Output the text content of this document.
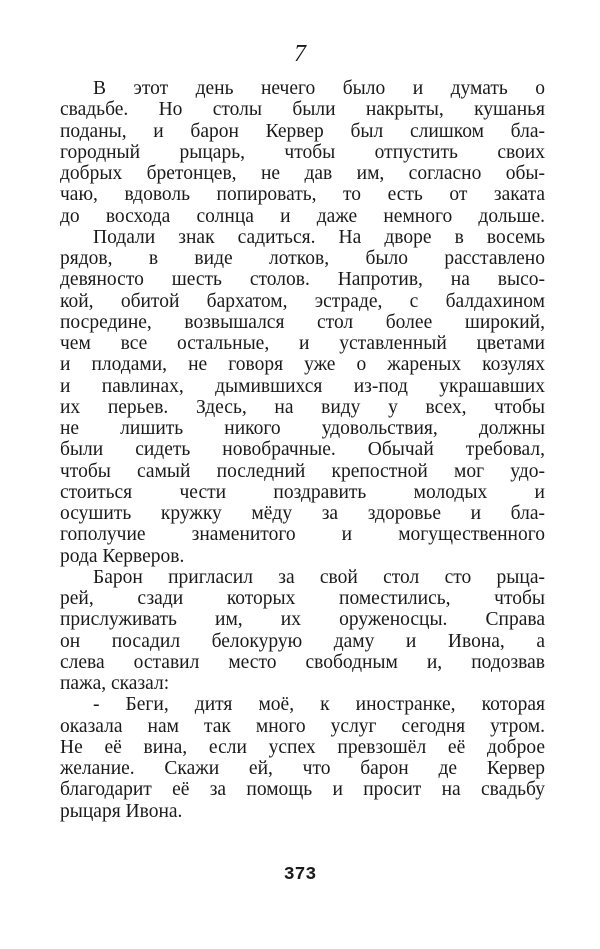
7
В этот день нечего было и думать о
свадьбе. Но столы были накрыты, кушанья
поданы, и барон Кервер был слишком бла-
городный рыцарь, чтобы отпустить своих
добрых бретонцев, не дав им, согласно обы-
чаю, вдоволь попировать, то есть от заката
до восхода солнца и даже немного дольше.
Подали знак садиться. На дворе в восемь
рядов, в виде лотков, было расставлено
девяносто шесть столов. Напротив, на высо-
кой, обитой бархатом, эстраде, с балдахином
посредине, возвышался стол более широкий,
чем все остальные, и уставленный цветами
и плодами, не говоря уже о жареных козулях
и павлинах, дымившихся из-под украшавших
их перьев. Здесь, на виду у всех, чтобы
не лишить никого удовольствия, должны
были сидеть новобрачные. Обычай требовал,
чтобы самый последний крепостной мог удо-
стоиться чести поздравить молодых и
осушить кружку мёду за здоровье и бла-
гополучие знаменитого и могущественного
рода Керверов.
Барон пригласил за свой стол сто рыца-
рей, сзади которых поместились, чтобы
прислуживать им, их оруженосцы. Справа
он посадил белокурую даму и Ивона, а
слева оставил место свободным и, подозвав
пажа, сказал:
- Беги, дитя моё, к иностранке, которая
оказала нам так много услуг сегодня утром.
Не её вина, если успех превзошёл её доброе
желание. Скажи ей, что барон де Кервер
благодарит её за помощь и просит на свадьбу
рыцаря Ивона.
373
